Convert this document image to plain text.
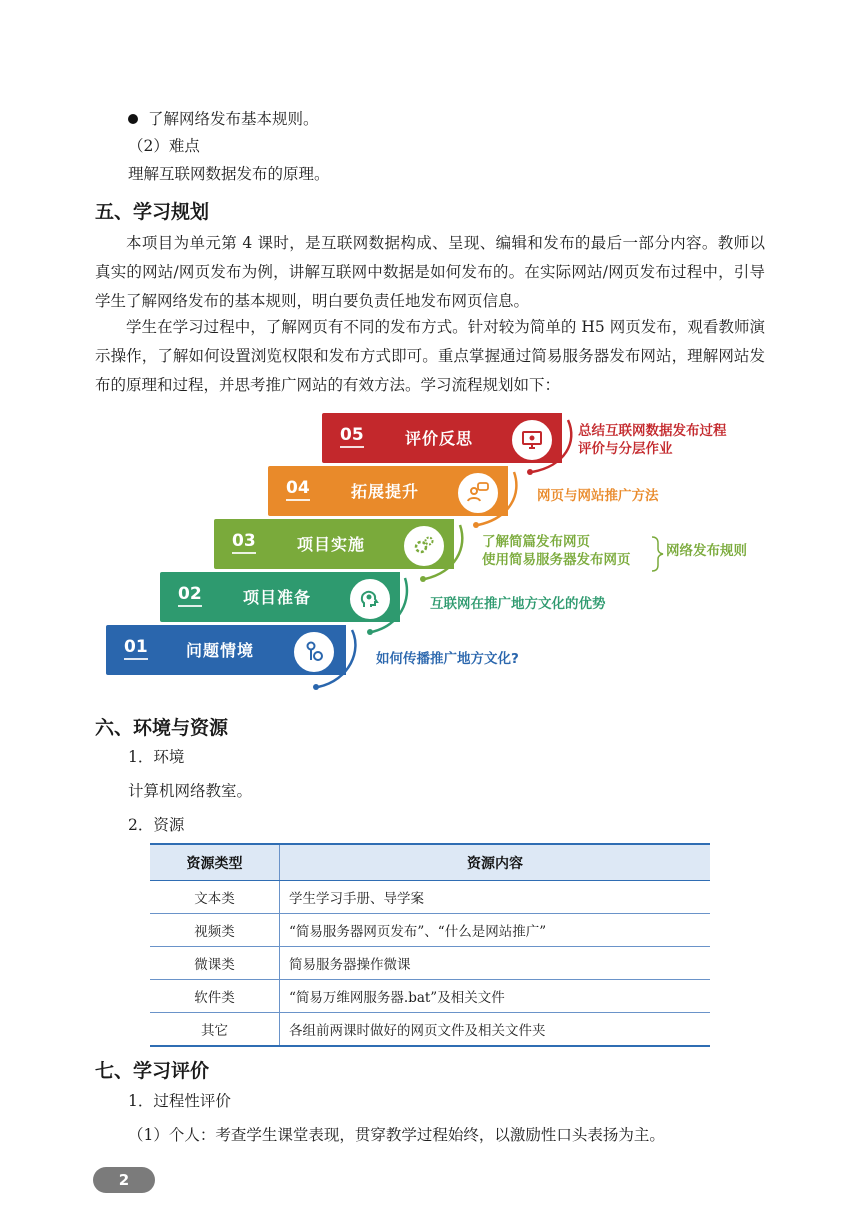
了解网络发布基本规则。
（2）难点
理解互联网数据发布的原理。
五、学习规划
本项目为单元第 4 课时，是互联网数据构成、呈现、编辑和发布的最后一部分内容。教师以真实的网站/网页发布为例，讲解互联网中数据是如何发布的。在实际网站/网页发布过程中，引导学生了解网络发布的基本规则，明白要负责任地发布网页信息。
学生在学习过程中，了解网页有不同的发布方式。针对较为简单的 H5 网页发布，观看教师演示操作，了解如何设置浏览权限和发布方式即可。重点掌握通过简易服务器发布网站，理解网站发布的原理和过程，并思考推广网站的有效方法。学习流程规划如下：
05	评价反思
04	拓展提升
03	项目实施
02	项目准备
01 问题情境	如何传播推广地方文化?
互联网在推广地方文化的优势
了解简篇发布网页
使用简易服务器发布网页
网络发布规则
网页与网站推广方法
总结互联网数据发布过程
评价与分层作业
六、环境与资源
1．环境
计算机网络教室。
2．资源
资源类型	资源内容
文本类	学生学习手册、导学案
视频类	“简易服务器网页发布”、“什么是网站推广”
微课类	简易服务器操作微课
软件类	“简易万维网服务器.bat”及相关文件
其它	各组前两课时做好的网页文件及相关文件夹
七、学习评价
1．过程性评价
（1）个人：考查学生课堂表现，贯穿教学过程始终，以激励性口头表扬为主。
2
